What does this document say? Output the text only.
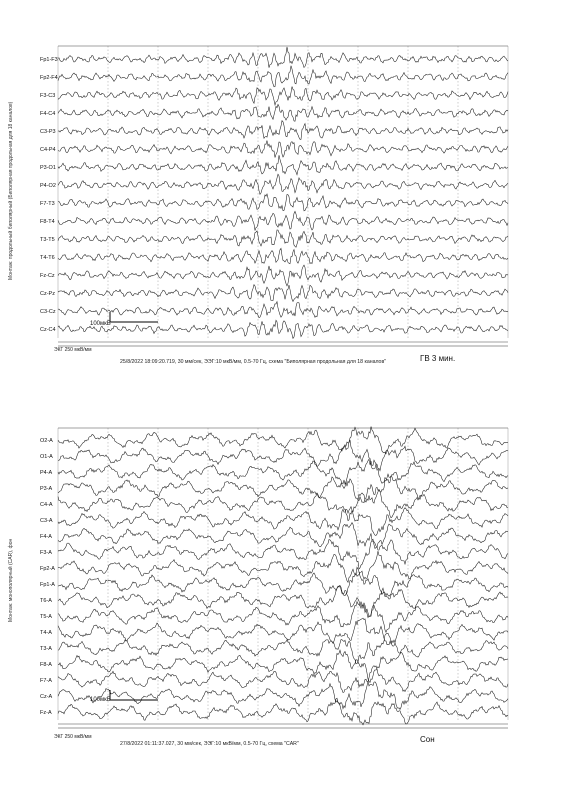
Fp1-F3
Fp2-F4
F3-C3
F4-C4
C3-P3
C4-P4
P3-O1
P4-O2
F7-T3
F8-T4
T3-T5
T4-T6
Fz-Cz
Cz-Pz
C3-Cz
Cz-C4
Монтаж: продольный биполярный (Биполярная продольная для 18 каналов)
100мкВ
ЭКГ 250 мкВ/мм
25/8/2022 18:09:20.719, 30 мм/сек, ЭЭГ:10 мкВ/мм, 0.5-70 Гц, схема "Биполярная продольная для 18 каналов"	ГВ 3 мин.
O2-A
O1-A
P4-A
P3-A
C4-A
C3-A
F4-A
F3-A
Fp2-A
Fp1-A
T6-A
T5-A
T4-A
T3-A
F8-A
F7-A
Cz-A
Fz-A
Монтаж: монополярный (CAR), фон
100мкВ
ЭКГ 250 мкВ/мм
27/8/2022 01:11:37.027, 30 мм/сек, ЭЭГ:10 мкВ/мм, 0.5-70 Гц, схема "CAR"	Сон
